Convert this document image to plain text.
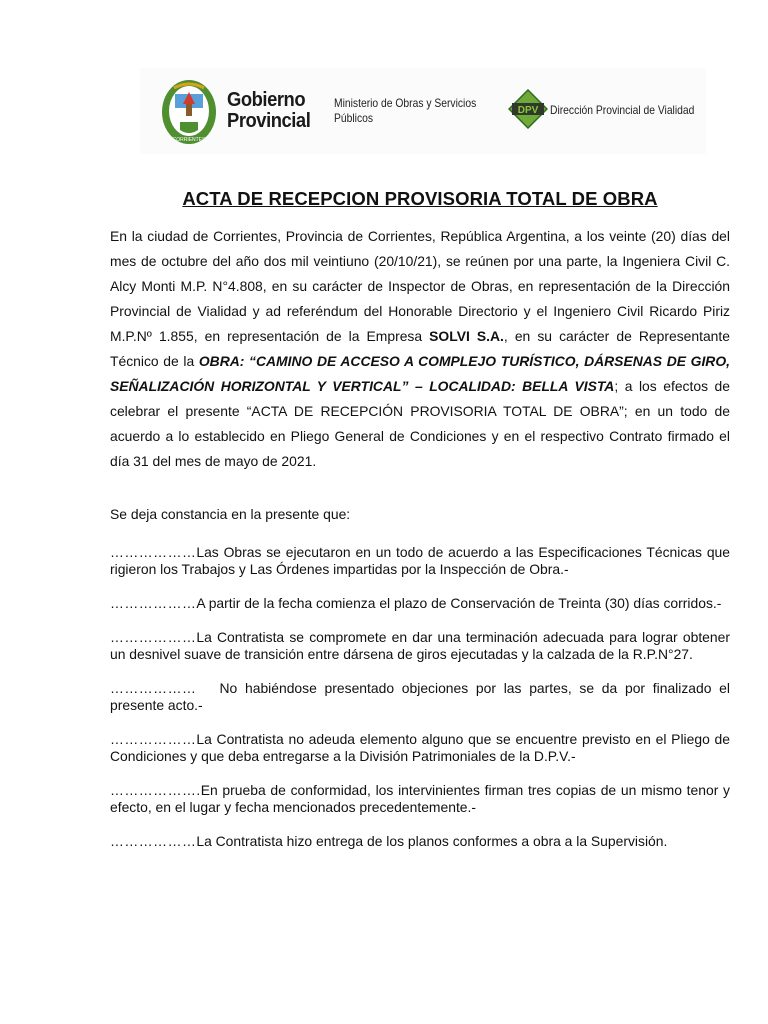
CORRIENTES
Gobierno
Provincial
Ministerio de Obras y Servicios
Públicos
DPV Dirección Provincial de Vialidad
ACTA DE RECEPCION PROVISORIA TOTAL DE OBRA

En la ciudad de Corrientes, Provincia de Corrientes, República Argentina, a los veinte (20) días del mes de octubre del año dos mil veintiuno (20/10/21), se reúnen por una parte, la Ingeniera Civil C. Alcy Monti M.P. N°4.808, en su carácter de Inspector de Obras, en representación de la Dirección Provincial de Vialidad y ad referéndum del Honorable Directorio y el Ingeniero Civil Ricardo Piriz M.P.Nº 1.855, en representación de la Empresa SOLVI S.A., en su carácter de Representante Técnico de la OBRA: “CAMINO DE ACCESO A COMPLEJO TURÍSTICO, DÁRSENAS DE GIRO, SEÑALIZACIÓN HORIZONTAL Y VERTICAL” – LOCALIDAD: BELLA VISTA; a los efectos de celebrar el presente “ACTA DE RECEPCIÓN PROVISORIA TOTAL DE OBRA”; en un todo de acuerdo a lo establecido en Pliego General de Condiciones y en el respectivo Contrato firmado el día 31 del mes de mayo de 2021.

Se deja constancia en la presente que:

………………Las Obras se ejecutaron en un todo de acuerdo a las Especificaciones Técnicas que rigieron los Trabajos y Las Órdenes impartidas por la Inspección de Obra.-

………………A partir de la fecha comienza el plazo de Conservación de Treinta (30) días corridos.-

………………La Contratista se compromete en dar una terminación adecuada para lograr obtener un desnivel suave de transición entre dársena de giros ejecutadas y la calzada de la R.P.N°27.

………………   No habiéndose presentado objeciones por las partes, se da por finalizado el presente acto.-

………………La Contratista no adeuda elemento alguno que se encuentre previsto en el Pliego de Condiciones y que deba entregarse a la División Patrimoniales de la D.P.V.-

……………….En prueba de conformidad, los intervinientes firman tres copias de un mismo tenor y efecto, en el lugar y fecha mencionados precedentemente.-

………………La Contratista hizo entrega de los planos conformes a obra a la Supervisión.
